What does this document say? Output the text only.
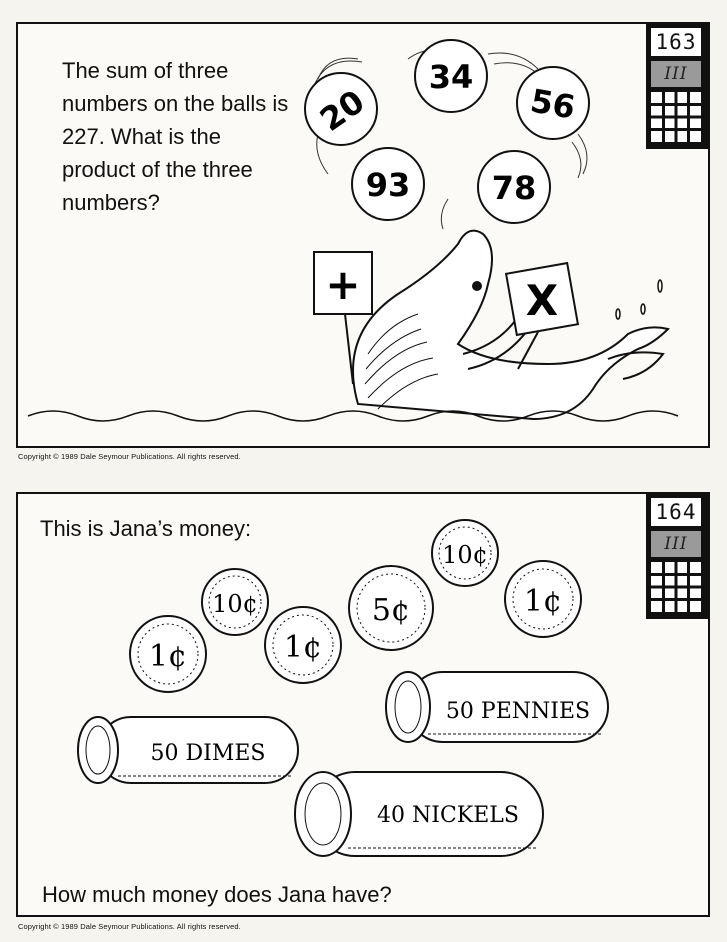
The sum of three numbers on the balls is 227. What is the product of the three numbers?
163
III
20
34
56
93	78
+	X
Copyright © 1989 Dale Seymour Publications. All rights reserved.
This is Jana’s money:
How much money does Jana have?
164
III
1¢
10¢
1¢
5¢
10¢
1¢
50 PENNIES
50 DIMES
40 NICKELS
Copyright © 1989 Dale Seymour Publications. All rights reserved.
